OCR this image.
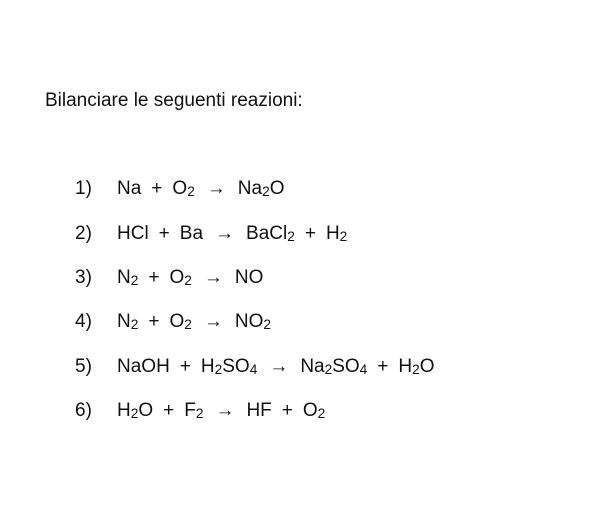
Bilanciare le seguenti reazioni:
1) Na + O2 → Na2O
2) HCl + Ba → BaCl2 + H2
3) N2 + O2 → NO
4) N2 + O2 → NO2
5) NaOH + H2SO4 → Na2SO4 + H2O
6) H2O + F2 → HF + O2
